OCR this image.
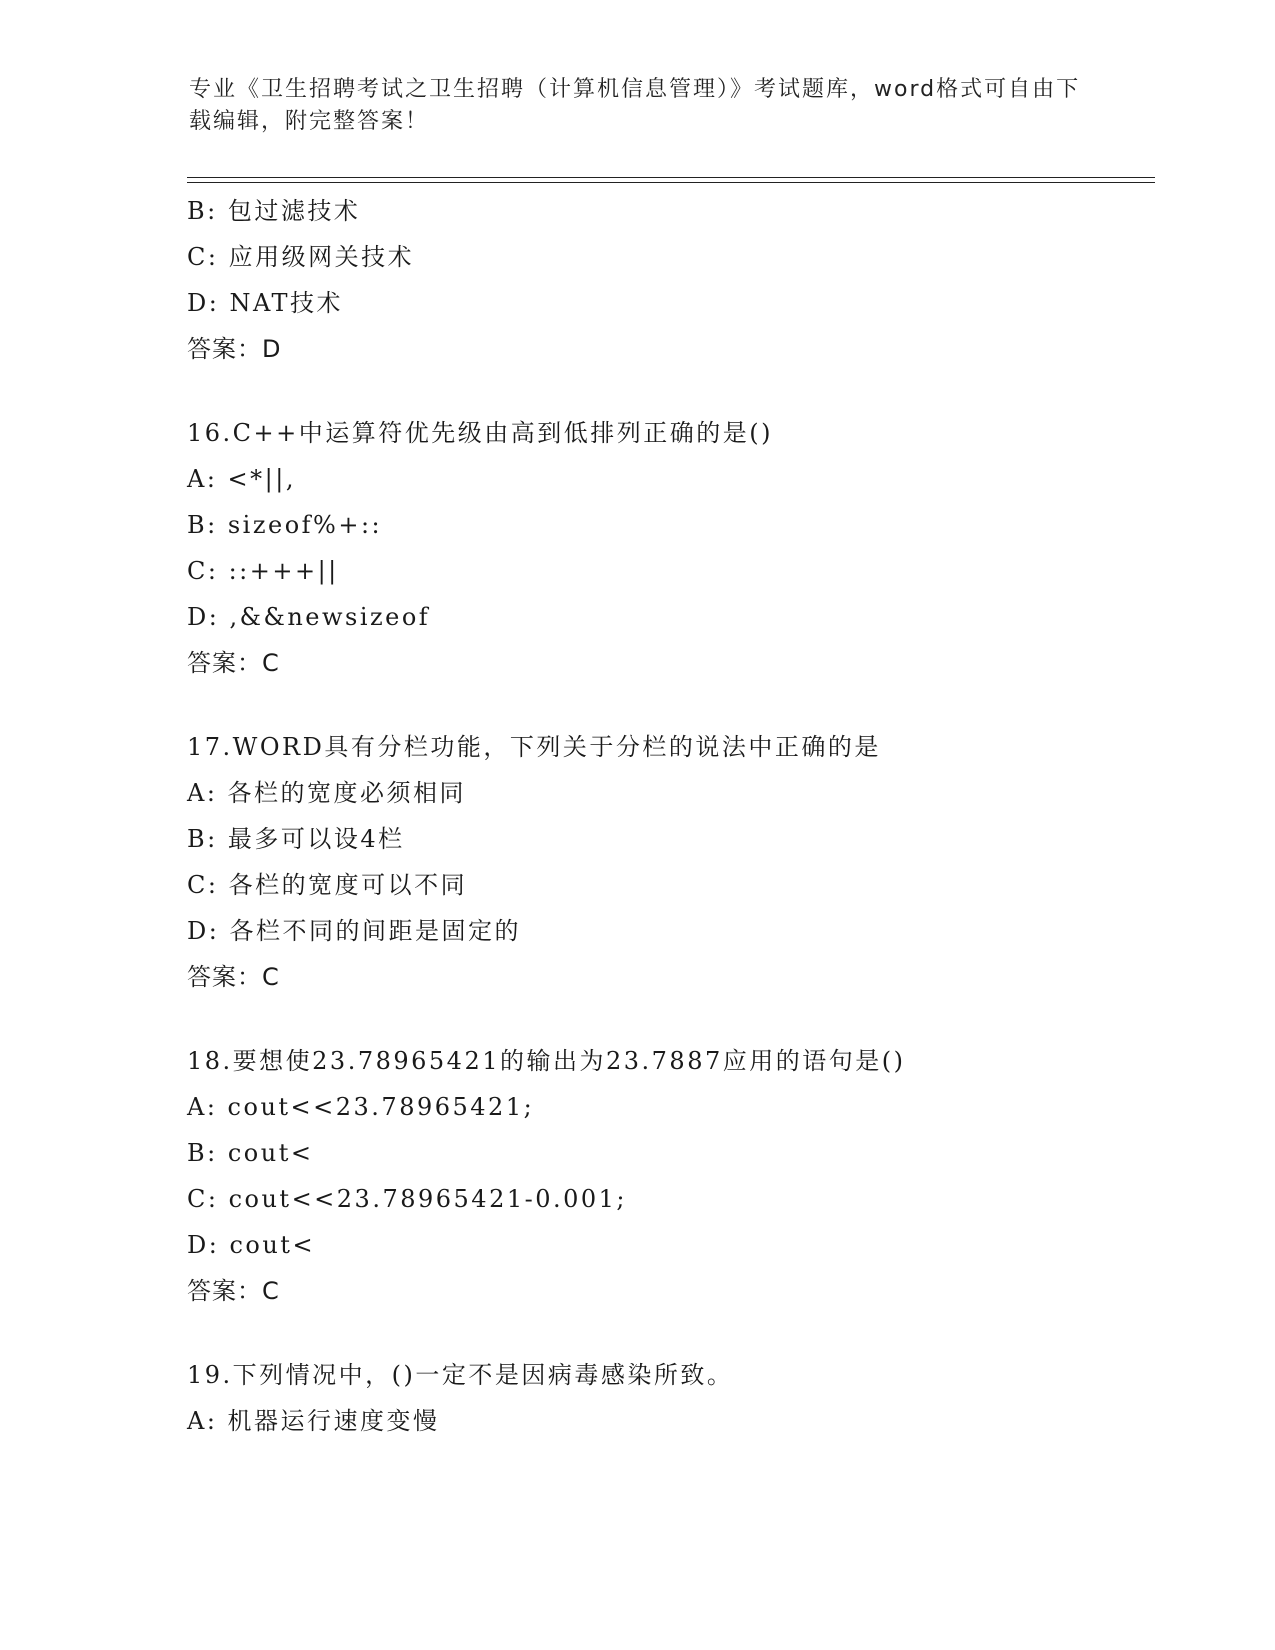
专业《卫生招聘考试之卫生招聘（计算机信息管理）》考试题库，word格式可自由下载编辑，附完整答案！

B: 包过滤技术
C: 应用级网关技术
D: NAT技术
答案：D
16.C++中运算符优先级由高到低排列正确的是()
A: <*||,
B: sizeof%+::
C: ::+++||
D: ,&&newsizeof
答案：C
17.WORD具有分栏功能，下列关于分栏的说法中正确的是
A: 各栏的宽度必须相同
B: 最多可以设4栏
C: 各栏的宽度可以不同
D: 各栏不同的间距是固定的
答案：C
18.要想使23.78965421的输出为23.7887应用的语句是()
A: cout<<23.78965421;
B: cout<
C: cout<<23.78965421-0.001;
D: cout<
答案：C
19.下列情况中，()一定不是因病毒感染所致。
A: 机器运行速度变慢
